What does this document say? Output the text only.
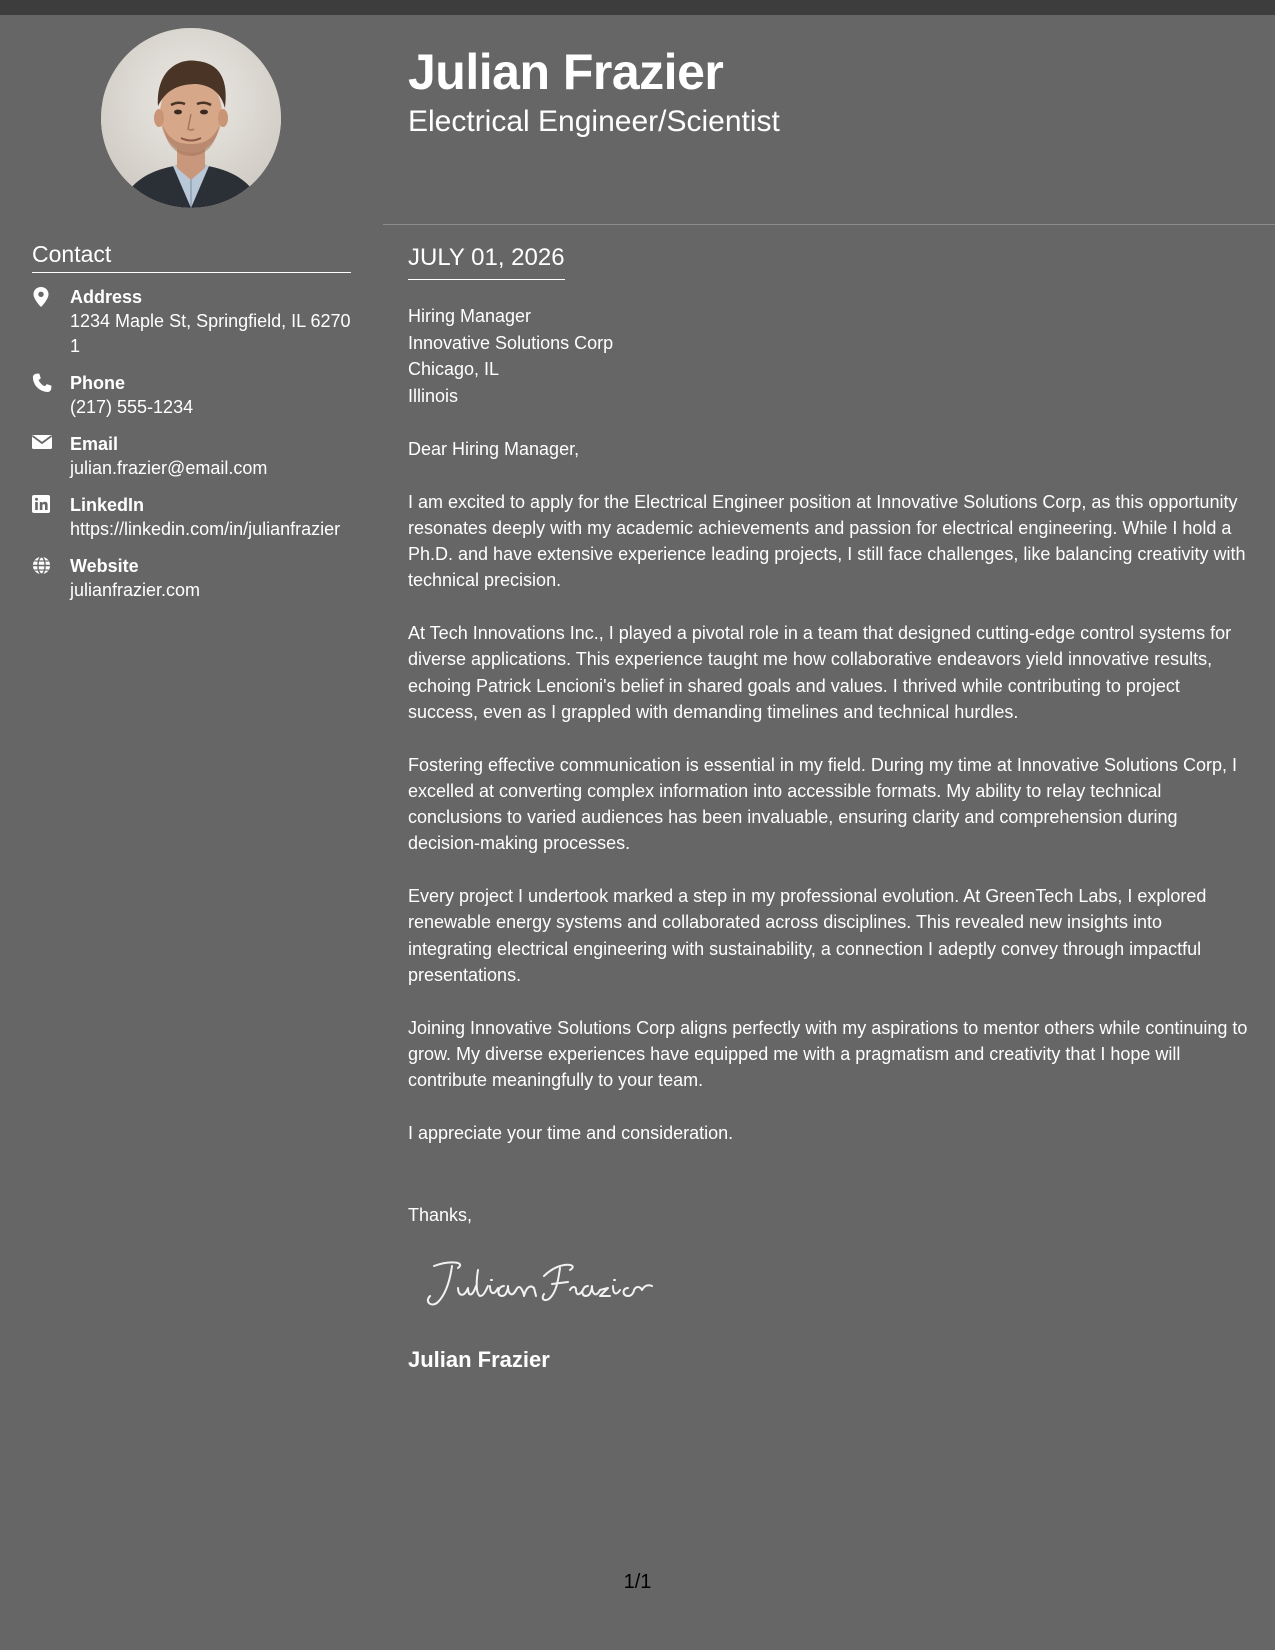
Julian Frazier
Electrical Engineer/Scientist
Contact
Address
1234 Maple St, Springfield, IL 62701
Phone
(217) 555-1234
Email
julian.frazier@email.com
LinkedIn
https://linkedin.com/in/julianfrazier
Website
julianfrazier.com
JULY 01, 2026
Hiring Manager
Innovative Solutions Corp
Chicago, IL
Illinois

Dear Hiring Manager,

I am excited to apply for the Electrical Engineer position at Innovative Solutions Corp, as this opportunity resonates deeply with my academic achievements and passion for electrical engineering. While I hold a Ph.D. and have extensive experience leading projects, I still face challenges, like balancing creativity with technical precision.

At Tech Innovations Inc., I played a pivotal role in a team that designed cutting-edge control systems for diverse applications. This experience taught me how collaborative endeavors yield innovative results, echoing Patrick Lencioni's belief in shared goals and values. I thrived while contributing to project success, even as I grappled with demanding timelines and technical hurdles.

Fostering effective communication is essential in my field. During my time at Innovative Solutions Corp, I excelled at converting complex information into accessible formats. My ability to relay technical conclusions to varied audiences has been invaluable, ensuring clarity and comprehension during decision-making processes.

Every project I undertook marked a step in my professional evolution. At GreenTech Labs, I explored renewable energy systems and collaborated across disciplines. This revealed new insights into integrating electrical engineering with sustainability, a connection I adeptly convey through impactful presentations.

Joining Innovative Solutions Corp aligns perfectly with my aspirations to mentor others while continuing to grow. My diverse experiences have equipped me with a pragmatism and creativity that I hope will contribute meaningfully to your team.

I appreciate your time and consideration.

Thanks,
Julian Frazier
1/1
